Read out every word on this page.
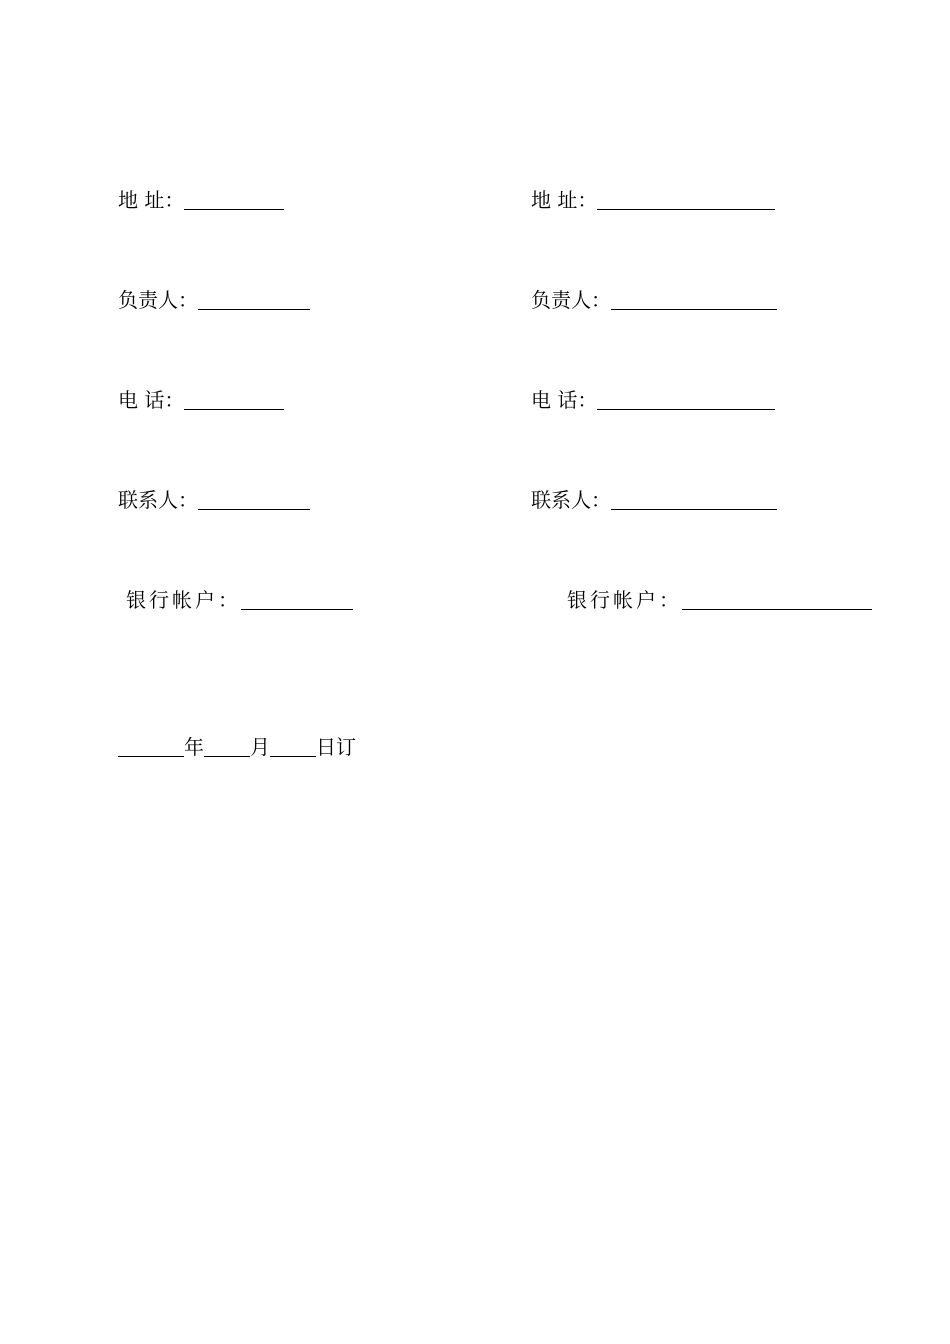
地 址：
负责人：
电 话：
联系人：
银行帐户：
地 址：
负责人：
电 话：
联系人：
银行帐户：
年 月 日订
